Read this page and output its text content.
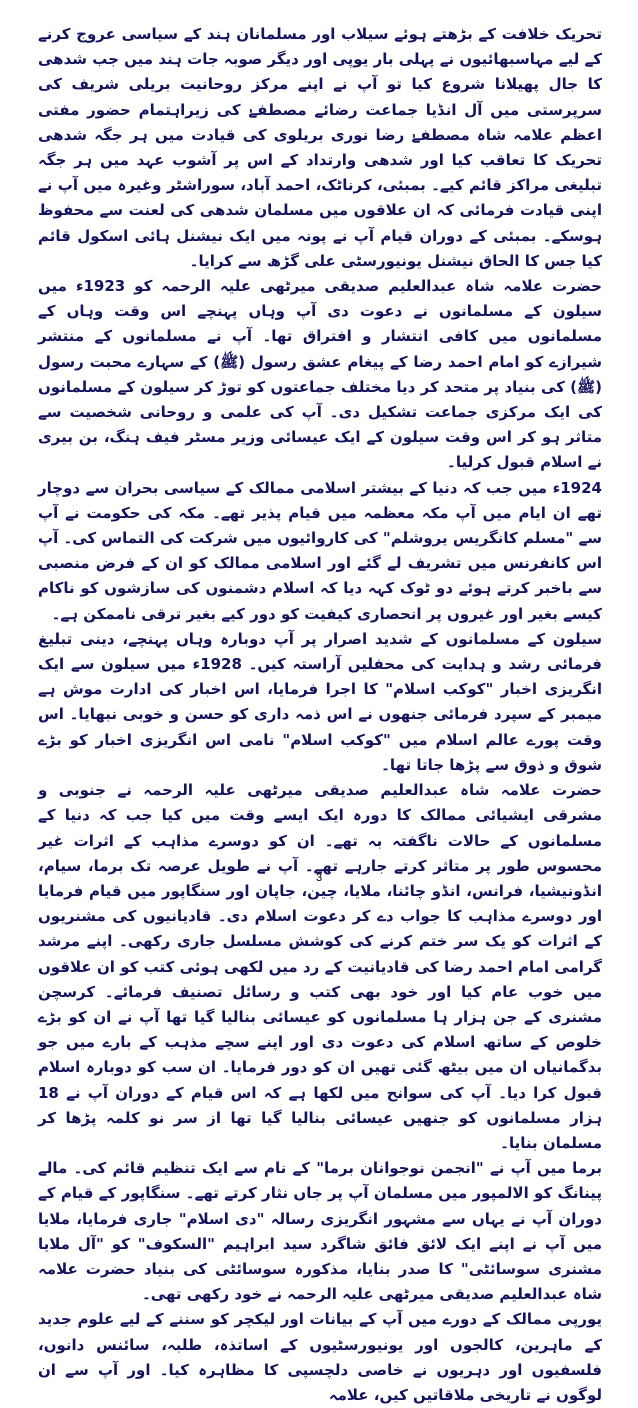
تحریک خلافت کے بڑھتے ہوئے سیلاب اور مسلمانان ہند کے سیاسی عروج کرنے کے لیے مہاسبھائیوں نے پہلی بار یوپی اور دیگر صوبہ جات ہند میں جب شدھی کا جال پھیلانا شروع کیا تو آپ نے اپنے مرکز روحانیت بریلی شریف کی سرپرستی میں آل انڈیا جماعت رضائے مصطفےٰ کی زیراہتمام حضور مفتی اعظم علامہ شاہ مصطفےٰ رضا نوری بریلوی کی قیادت میں ہر جگہ شدھی تحریک کا تعاقب کیا اور شدھی وارتداد کے اس پر آشوب عہد میں ہر جگہ تبلیغی مراکز قائم کیے۔ بمبئی، کرناٹک، احمد آباد، سوراشٹر وغیرہ میں آپ نے اپنی قیادت فرمائی کہ ان علاقوں میں مسلمان شدھی کی لعنت سے محفوظ ہوسکے۔ بمبئی کے دوران قیام آپ نے پونہ میں ایک نیشنل ہائی اسکول قائم کیا جس کا الحاق نیشنل یونیورسٹی علی گڑھ سے کرایا۔

حضرت علامہ شاہ عبدالعلیم صدیقی میرٹھی علیہ الرحمہ کو 1923ء میں سیلون کے مسلمانوں نے دعوت دی آپ وہاں پہنچے اس وقت وہاں کے مسلمانوں میں کافی انتشار و افتراق تھا۔ آپ نے مسلمانوں کے منتشر شیرازے کو امام احمد رضا کے پیغام عشق رسول (ﷺ) کے سہارے محبت رسول (ﷺ) کی بنیاد پر متحد کر دیا مختلف جماعتوں کو توڑ کر سیلون کے مسلمانوں کی ایک مرکزی جماعت تشکیل دی۔ آپ کی علمی و روحانی شخصیت سے متاثر ہو کر اس وقت سیلون کے ایک عیسائی وزیر مسٹر فیف ہنگ، بن بیری نے اسلام قبول کرلیا۔

1924ء میں جب کہ دنیا کے بیشتر اسلامی ممالک کے سیاسی بحران سے دوچار تھے ان ایام میں آپ مکہ معظمہ میں قیام پذیر تھے۔ مکہ کی حکومت نے آپ سے "مسلم کانگریس یروشلم" کی کاروائیوں میں شرکت کی التماس کی۔ آپ اس کانفرنس میں تشریف لے گئے اور اسلامی ممالک کو ان کے فرض منصبی سے باخبر کرتے ہوئے دو ٹوک کہہ دیا کہ اسلام دشمنوں کی سازشوں کو ناکام کیسے بغیر اور غیروں پر انحصاری کیفیت کو دور کیے بغیر ترقی ناممکن ہے۔

سیلون کے مسلمانوں کے شدید اصرار پر آپ دوبارہ وہاں پہنچے، دینی تبلیغ فرمائی رشد و ہدایت کی محفلیں آراستہ کیں۔ 1928ء میں سیلون سے ایک انگریزی اخبار "کوکب اسلام" کا اجرا فرمایا، اس اخبار کی ادارت موش ہے میمبر کے سپرد فرمائی جنھوں نے اس ذمہ داری کو حسن و خوبی نبھایا۔ اس وقت پورے عالم اسلام میں "کوکب اسلام" نامی اس انگریزی اخبار کو بڑے شوق و ذوق سے پڑھا جاتا تھا۔

حضرت علامہ شاہ عبدالعلیم صدیقی میرٹھی علیہ الرحمہ نے جنوبی و مشرقی ایشیائی ممالک کا دورہ ایک ایسے وقت میں کیا جب کہ دنیا کے مسلمانوں کے حالات ناگفتہ بہ تھے۔ ان کو دوسرے مذاہب کے اثرات غیر محسوس طور پر متاثر کرتے جارہے تھے۔ آپ نے طویل عرصہ تک برما، سیام، انڈونیشیا، فرانس، انڈو چائنا، ملایا، چین، جاپان اور سنگاپور میں قیام فرمایا اور دوسرے مذاہب کا جواب دے کر دعوت اسلام دی۔ قادیانیوں کی مشنریوں کے اثرات کو یک سر ختم کرنے کی کوشش مسلسل جاری رکھی۔ اپنے مرشد گرامی امام احمد رضا کی قادیانیت کے رد میں لکھی ہوئی کتب کو ان علاقوں میں خوب عام کیا اور خود بھی کتب و رسائل تصنیف فرمائے۔ کرسچن مشنری کے جن ہزار ہا مسلمانوں کو عیسائی بنالیا گیا تھا آپ نے ان کو بڑے خلوص کے ساتھ اسلام کی دعوت دی اور اپنے سچے مذہب کے بارے میں جو بدگمانیاں ان میں بیٹھ گئی تھیں ان کو دور فرمایا۔ ان سب کو دوبارہ اسلام قبول کرا دیا۔ آپ کی سوانح میں لکھا ہے کہ اس قیام کے دوران آپ نے 18 ہزار مسلمانوں کو جنھیں عیسائی بنالیا گیا تھا از سر نو کلمہ پڑھا کر مسلمان بنایا۔

برما میں آپ نے "انجمن نوجوانان برما" کے نام سے ایک تنظیم قائم کی۔ مالے پینانگ کو الالمپور میں مسلمان آپ پر جاں نثار کرتے تھے۔ سنگاپور کے قیام کے دوران آپ نے یہاں سے مشہور انگریزی رسالہ "دی اسلام" جاری فرمایا، ملایا میں آپ نے اپنے ایک لائق فائق شاگرد سید ابراہیم "السکوف" کو "آل ملایا مشنری سوسائٹی" کا صدر بنایا، مذکورہ سوسائٹی کی بنیاد حضرت علامہ شاہ عبدالعلیم صدیقی میرٹھی علیہ الرحمہ نے خود رکھی تھی۔

یورپی ممالک کے دورے میں آپ کے بیانات اور لیکچر کو سننے کے لیے علوم جدید کے ماہرین، کالجوں اور یونیورسٹیوں کے اساتذہ، طلبہ، سائنس دانوں، فلسفیوں اور دہریوں نے خاصی دلچسپی کا مظاہرہ کیا۔ اور آپ سے ان لوگوں نے تاریخی ملاقاتیں کیں، علامہ

3
